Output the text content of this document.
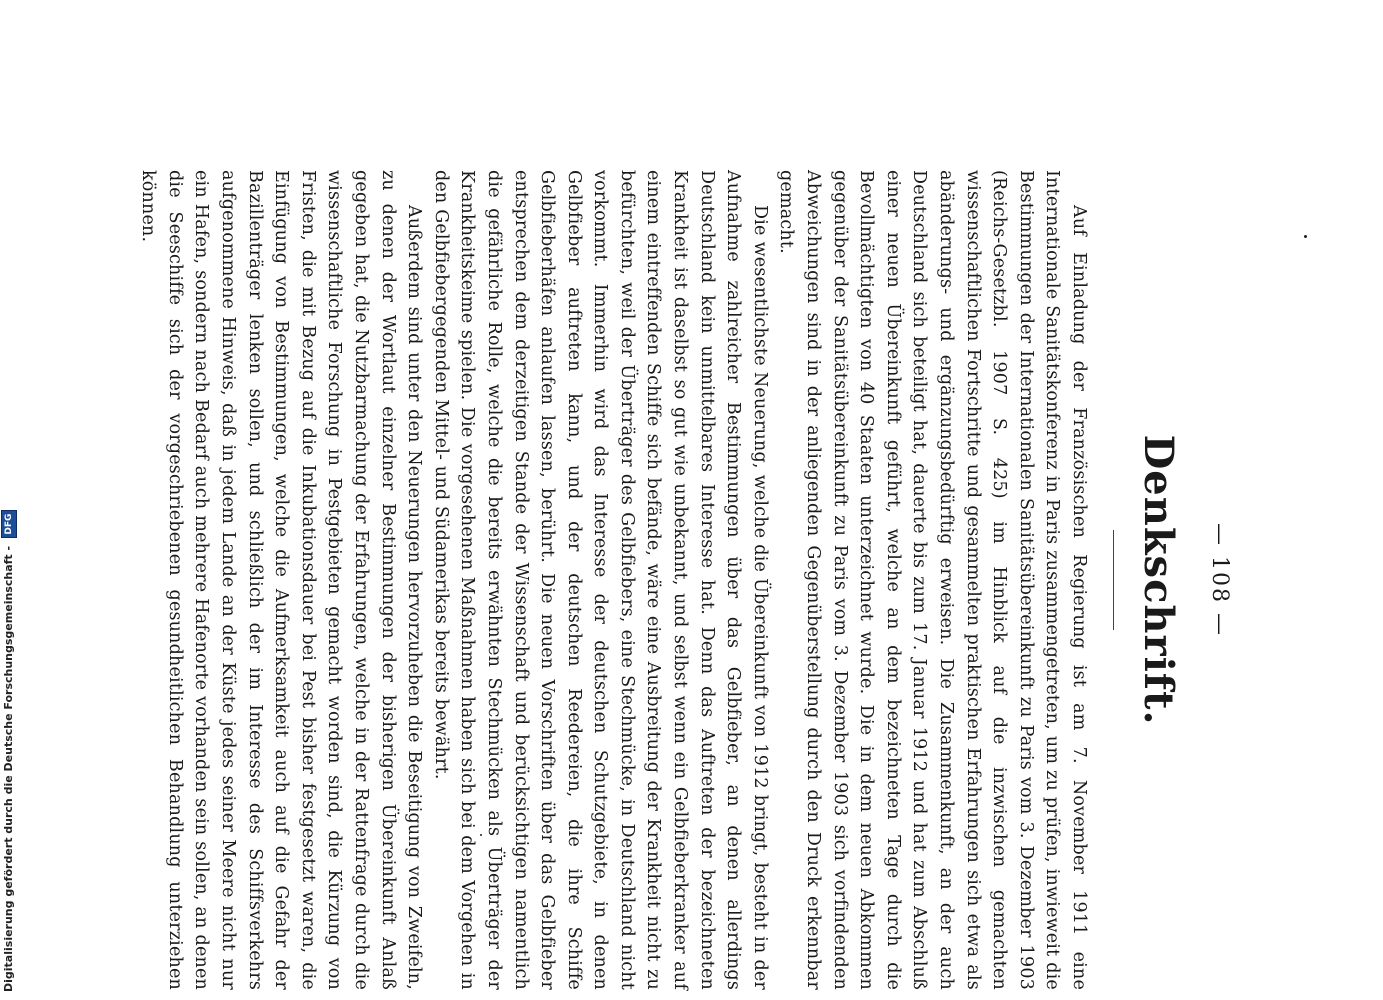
— 108 —
Denkschrift.

Auf Einladung der Französischen Regierung ist am 7. November 1911 eine Internationale Sanitätskonferenz in Paris zusammengetreten, um zu prüfen, inwieweit die Bestimmungen der Internationalen Sanitätsübereinkunft zu Paris vom 3. Dezember 1903 (Reichs-Gesetzbl. 1907 S. 425) im Hinblick auf die inzwischen gemachten wissenschaftlichen Fortschritte und gesammelten praktischen Erfahrungen sich etwa als abänderungs- und ergänzungsbedürftig erweisen. Die Zusammenkunft, an der auch Deutschland sich beteiligt hat, dauerte bis zum 17. Januar 1912 und hat zum Abschluß einer neuen Übereinkunft geführt, welche an dem bezeichneten Tage durch die Bevollmächtigten von 40 Staaten unterzeichnet wurde. Die in dem neuen Abkommen gegenüber der Sanitätsübereinkunft zu Paris vom 3. Dezember 1903 sich vorfindenden Abweichungen sind in der anliegenden Gegenüberstellung durch den Druck erkennbar gemacht.

Die wesentlichste Neuerung, welche die Übereinkunft von 1912 bringt, besteht in der Aufnahme zahlreicher Bestimmungen über das Gelbfieber, an denen allerdings Deutschland kein unmittelbares Interesse hat. Denn das Auftreten der bezeichneten Krankheit ist daselbst so gut wie unbekannt, und selbst wenn ein Gelbfieberkranker auf einem eintreffenden Schiffe sich befände, wäre eine Ausbreitung der Krankheit nicht zu befürchten, weil der Überträger des Gelbfiebers, eine Stechmücke, in Deutschland nicht vorkommt. Immerhin wird das Interesse der deutschen Schutzgebiete, in denen Gelbfieber auftreten kann, und der deutschen Reedereien, die ihre Schiffe Gelbfieberhäfen anlaufen lassen, berührt. Die neuen Vorschriften über das Gelbfieber entsprechen dem derzeitigen Stande der Wissenschaft und berücksichtigen namentlich die gefährliche Rolle, welche die bereits erwähnten Stechmücken als Überträger der Krankheitskeime spielen. Die vorgesehenen Maßnahmen haben sich bei dem Vorgehen in den Gelbfiebergegenden Mittel- und Südamerikas bereits bewährt.

Außerdem sind unter den Neuerungen hervorzuheben die Beseitigung von Zweifeln, zu denen der Wortlaut einzelner Bestimmungen der bisherigen Übereinkunft Anlaß gegeben hat, die Nutzbarmachung der Erfahrungen, welche in der Rattenfrage durch die wissenschaftliche Forschung in Pestgebieten gemacht worden sind, die Kürzung von Fristen, die mit Bezug auf die Inkubationsdauer bei Pest bisher festgesetzt waren, die Einfügung von Bestimmungen, welche die Aufmerksamkeit auch auf die Gefahr der Bazillenträger lenken sollen, und schließlich der im Interesse des Schiffsverkehrs aufgenommene Hinweis, daß in jedem Lande an der Küste jedes seiner Meere nicht nur ein Hafen, sondern nach Bedarf auch mehrere Hafenorte vorhanden sein sollen, an denen die Seeschiffe sich der vorgeschriebenen gesundheitlichen Behandlung unterziehen können.

Digitalisierung gefördert durch die Deutsche Forschungsgemeinschaft - DFG
